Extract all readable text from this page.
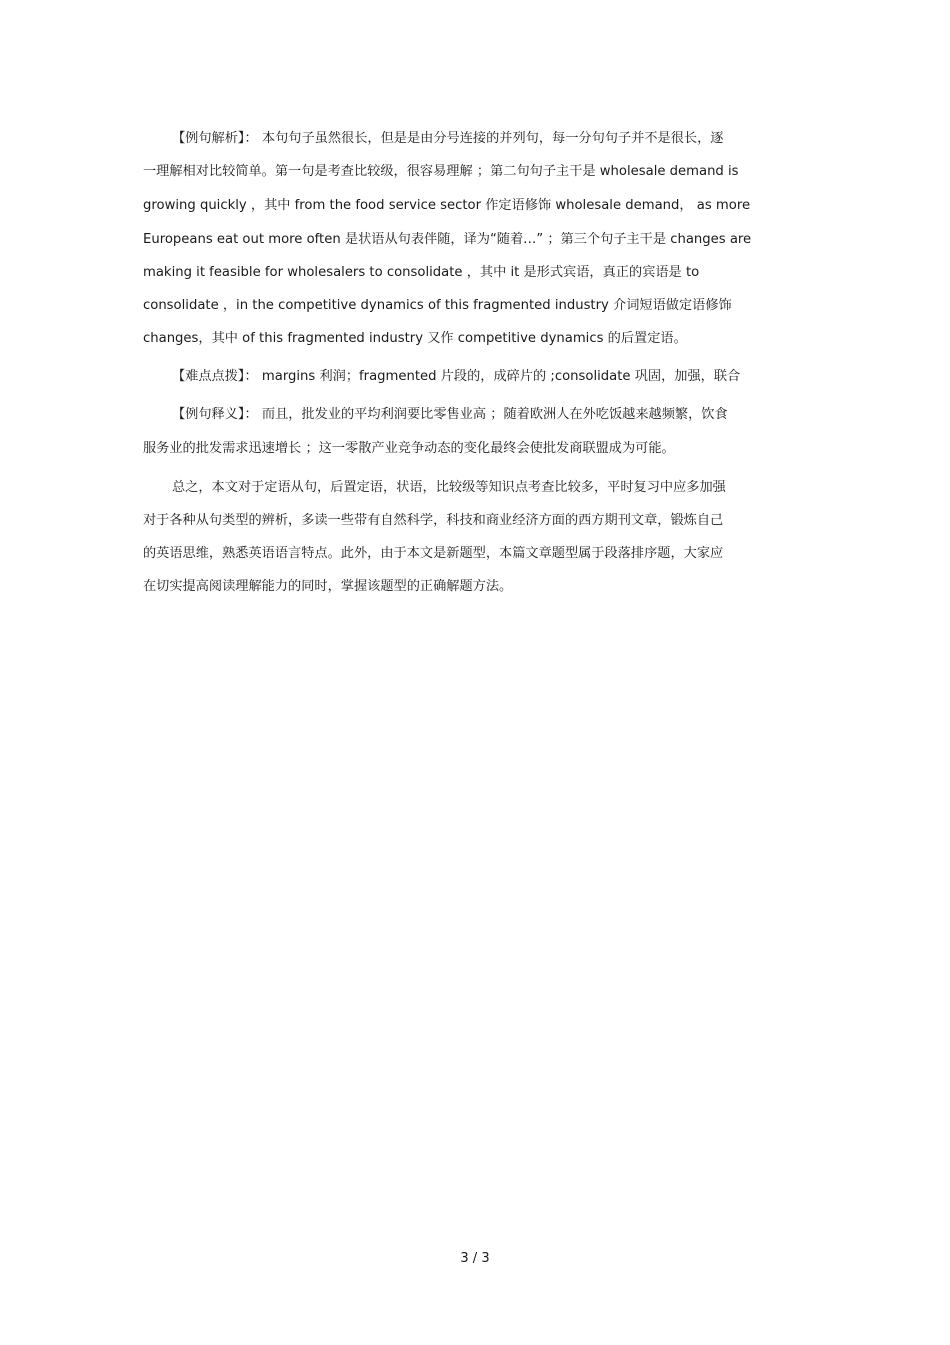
【例句解析】： 本句句子虽然很长，但是是由分号连接的并列句，每一分句句子并不是很长，逐
一理解相对比较简单。第一句是考查比较级，很容易理解 ；第二句句子主干是 wholesale demand is
growing quickly ，其中 from the food service sector 作定语修饰 wholesale demand， as more
Europeans eat out more often 是状语从句表伴随，译为“随着…” ；第三个句子主干是 changes are
making it feasible for wholesalers to consolidate ，其中 it 是形式宾语，真正的宾语是 to
consolidate ，in the competitive dynamics of this fragmented industry 介词短语做定语修饰
changes，其中 of this fragmented industry 又作 competitive dynamics 的后置定语。
【难点点拨】： margins 利润；fragmented 片段的，成碎片的 ;consolidate 巩固，加强，联合
【例句释义】： 而且，批发业的平均利润要比零售业高 ；随着欧洲人在外吃饭越来越频繁，饮食
服务业的批发需求迅速增长 ；这一零散产业竞争动态的变化最终会使批发商联盟成为可能。
总之，本文对于定语从句，后置定语，状语，比较级等知识点考查比较多，平时复习中应多加强
对于各种从句类型的辨析，多读一些带有自然科学，科技和商业经济方面的西方期刊文章，锻炼自己
的英语思维，熟悉英语语言特点。此外，由于本文是新题型，本篇文章题型属于段落排序题，大家应
在切实提高阅读理解能力的同时，掌握该题型的正确解题方法。
3 / 3
